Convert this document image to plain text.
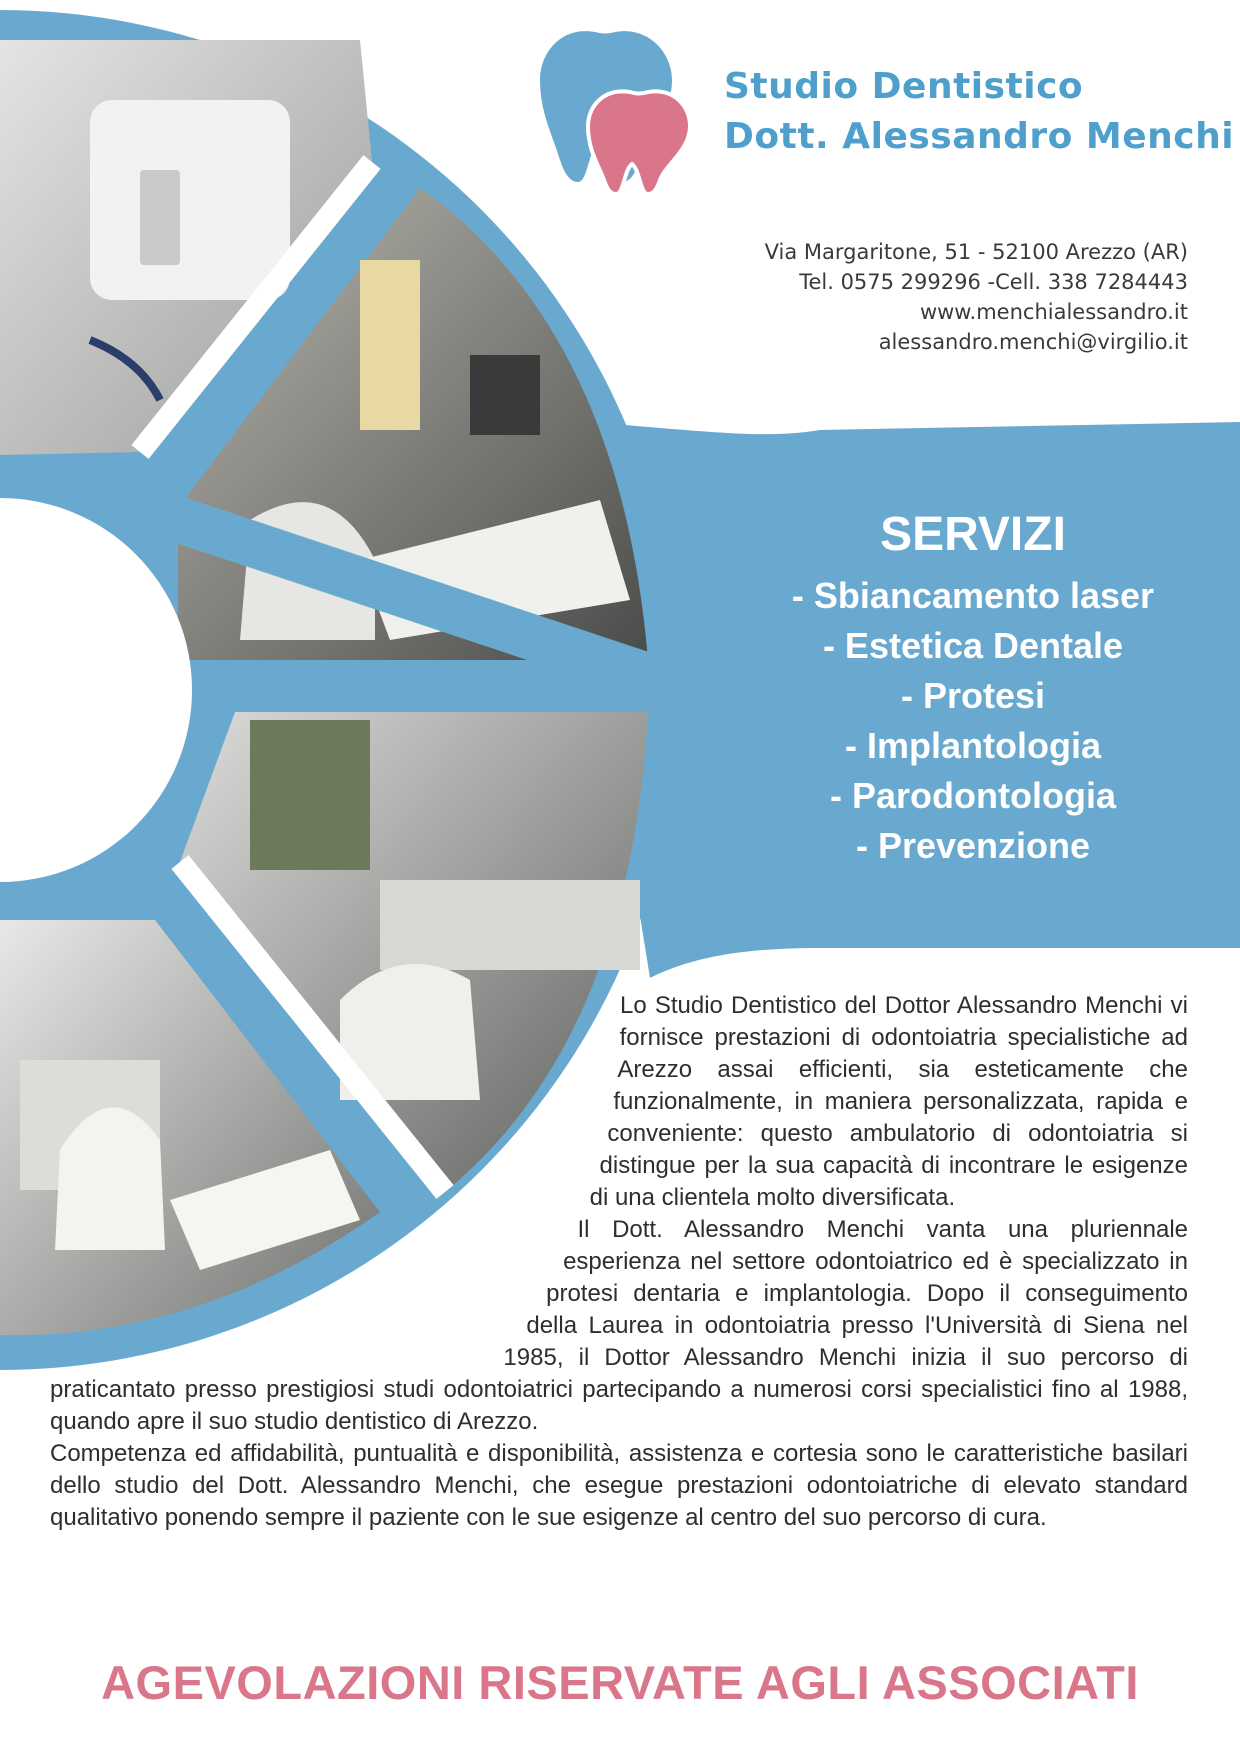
Studio Dentistico
Dott. Alessandro Menchi
Via Margaritone, 51 - 52100 Arezzo (AR)
Tel. 0575 299296 -Cell. 338 7284443
www.menchialessandro.it
alessandro.menchi@virgilio.it
SERVIZI
- Sbiancamento laser
- Estetica Dentale
- Protesi
- Implantologia
- Parodontologia
- Prevenzione

Lo Studio Dentistico del Dottor Alessandro Menchi vi fornisce prestazioni di odontoiatria specialistiche ad Arezzo assai efficienti, sia esteticamente che funzionalmente, in maniera personalizzata, rapida e conveniente: questo ambulatorio di odontoiatria si distingue per la sua capacità di incontrare le esigenze di una clientela molto diversificata.

Il Dott. Alessandro Menchi vanta una pluriennale esperienza nel settore odontoiatrico ed è specializzato in protesi dentaria e implantologia. Dopo il conseguimento della Laurea in odontoiatria presso l'Università di Siena nel 1985, il Dottor Alessandro Menchi inizia il suo percorso di praticantato presso prestigiosi studi odontoiatrici partecipando a numerosi corsi specialistici fino al 1988, quando apre il suo studio dentistico di Arezzo.

Competenza ed affidabilità, puntualità e disponibilità, assistenza e cortesia sono le caratteristiche basilari dello studio del Dott. Alessandro Menchi, che esegue prestazioni odontoiatriche di elevato standard qualitativo ponendo sempre il paziente con le sue esigenze al centro del suo percorso di cura.

AGEVOLAZIONI RISERVATE AGLI ASSOCIATI
